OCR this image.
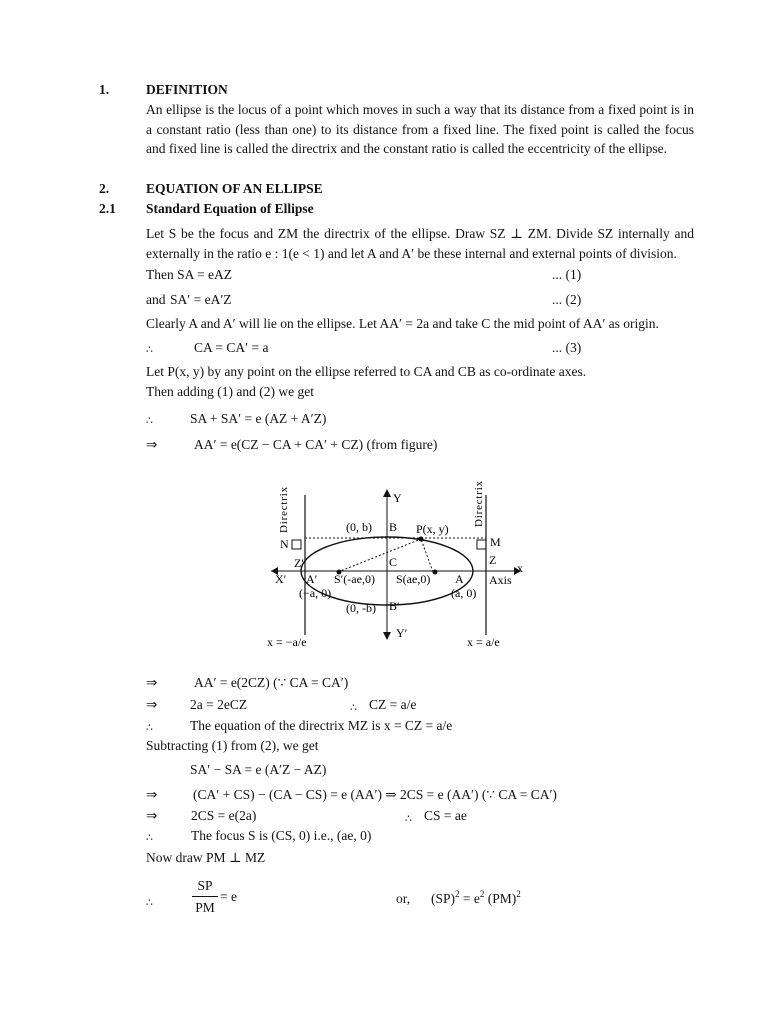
1.	DEFINITION
An ellipse is the locus of a point which moves in such a way that its distance from a fixed point is in a constant ratio (less than one) to its distance from a fixed line. The fixed point is called the focus and fixed line is called the directrix and the constant ratio is called the eccentricity of the ellipse.
2.	EQUATION OF AN ELLIPSE
2.1 Standard Equation of Ellipse
Let S be the focus and ZM the directrix of the ellipse. Draw SZ ⊥ ZM. Divide SZ internally and externally in the ratio e : 1(e < 1) and let A and A′ be these internal and external points of division.
Then SA = eAZ	... (1)
and SA′ = eA′Z	... (2)
Clearly A and A′ will lie on the ellipse. Let AA′ = 2a and take C the mid point of AA′ as origin.
∴	CA = CA′ = a	... (3)
Let P(x, y) by any point on the ellipse referred to CA and CB as co-ordinate axes.
Then adding (1) and (2) we get
∴	SA + SA′ = e (AZ + A′Z)
⇒	AA′ = e(CZ − CA + CA′ + CZ) (from figure)
Directrix	Directrix
Y
(0, b) B P(x, y)
N	M
Z′	C	Z
x
X′ A′ S′(-ae,0) S(ae,0) A Axis
(−a, 0)	(a, 0)
(0, -b) B′
Y′
x = −a/e	x = a/e
⇒	AA′ = e(2CZ) (∵ CA = CA′)
⇒ 2a = 2eCZ	∴ CZ = a/e
∴	The equation of the directrix MZ is x = CZ = a/e
Subtracting (1) from (2), we get
SA′ − SA = e (A′Z − AZ)
⇒	(CA′ + CS) − (CA − CS) = e (AA′) ⇒ 2CS = e (AA′) (∵ CA = CA′)
⇒ 2CS = e(2a)	∴ CS = ae
∴	The focus S is (CS, 0) i.e., (ae, 0)
Now draw PM ⊥ MZ
∴
SP
PM
= e	or, $(SP)^2 = e^2$ (PM)$^2$
